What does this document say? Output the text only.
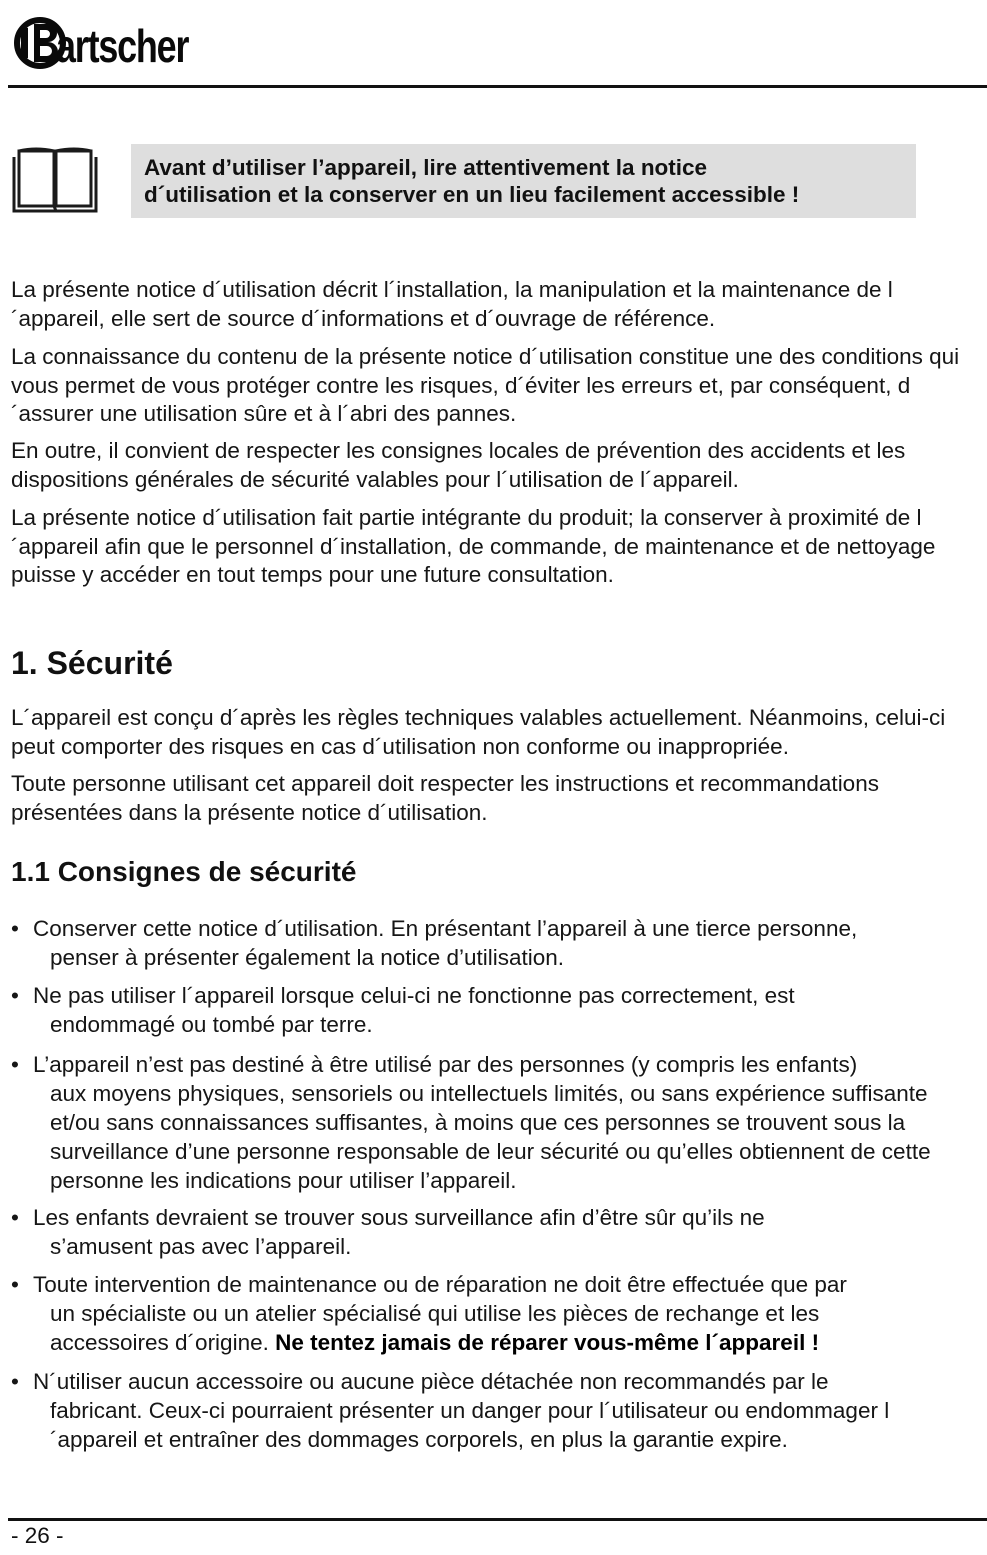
artscher

Avant d’utiliser l’appareil, lire attentivement la notice

d´utilisation et la conserver en un lieu facilement accessible !

La présente notice d´utilisation décrit l´installation, la manipulation et la maintenance de l´appareil, elle sert de source d´informations et d´ouvrage de référence.

La connaissance du contenu de la présente notice d´utilisation constitue une des conditions qui vous permet de vous protéger contre les risques, d´éviter les erreurs et, par conséquent, d´assurer une utilisation sûre et à l´abri des pannes.

En outre, il convient de respecter les consignes locales de prévention des accidents et les dispositions générales de sécurité valables pour l´utilisation de l´appareil.

La présente notice d´utilisation fait partie intégrante du produit; la conserver à proximité de l´appareil afin que le personnel d´installation, de commande, de maintenance et de nettoyage puisse y accéder en tout temps pour une future consultation.

1. Sécurité

L´appareil est conçu d´après les règles techniques valables actuellement. Néanmoins, celui-ci peut comporter des risques en cas d´utilisation non conforme ou inappropriée.

Toute personne utilisant cet appareil doit respecter les instructions et recommandations présentées dans la présente notice d´utilisation.

1.1 Consignes de sécurité
• Conserver cette notice d´utilisation. En présentant l’appareil à une tierce personne,
penser à présenter également la notice d’utilisation.
• Ne pas utiliser l´appareil lorsque celui-ci ne fonctionne pas correctement, est
endommagé ou tombé par terre.
• L’appareil n’est pas destiné à être utilisé par des personnes (y compris les enfants)
aux moyens physiques, sensoriels ou intellectuels limités, ou sans expérience suffisante et/ou sans connaissances suffisantes, à moins que ces personnes se trouvent sous la surveillance d’une personne responsable de leur sécurité ou qu’elles obtiennent de cette personne les indications pour utiliser l’appareil.
• Les enfants devraient se trouver sous surveillance afin d’être sûr qu’ils ne
s’amusent pas avec l’appareil.
• Toute intervention de maintenance ou de réparation ne doit être effectuée que par
un spécialiste ou un atelier spécialisé qui utilise les pièces de rechange et les accessoires d´origine. Ne tentez jamais de réparer vous-même l´appareil !
• N´utiliser aucun accessoire ou aucune pièce détachée non recommandés par le
fabricant. Ceux-ci pourraient présenter un danger pour l´utilisateur ou endommager l´appareil et entraîner des dommages corporels, en plus la garantie expire.
- 26 -
